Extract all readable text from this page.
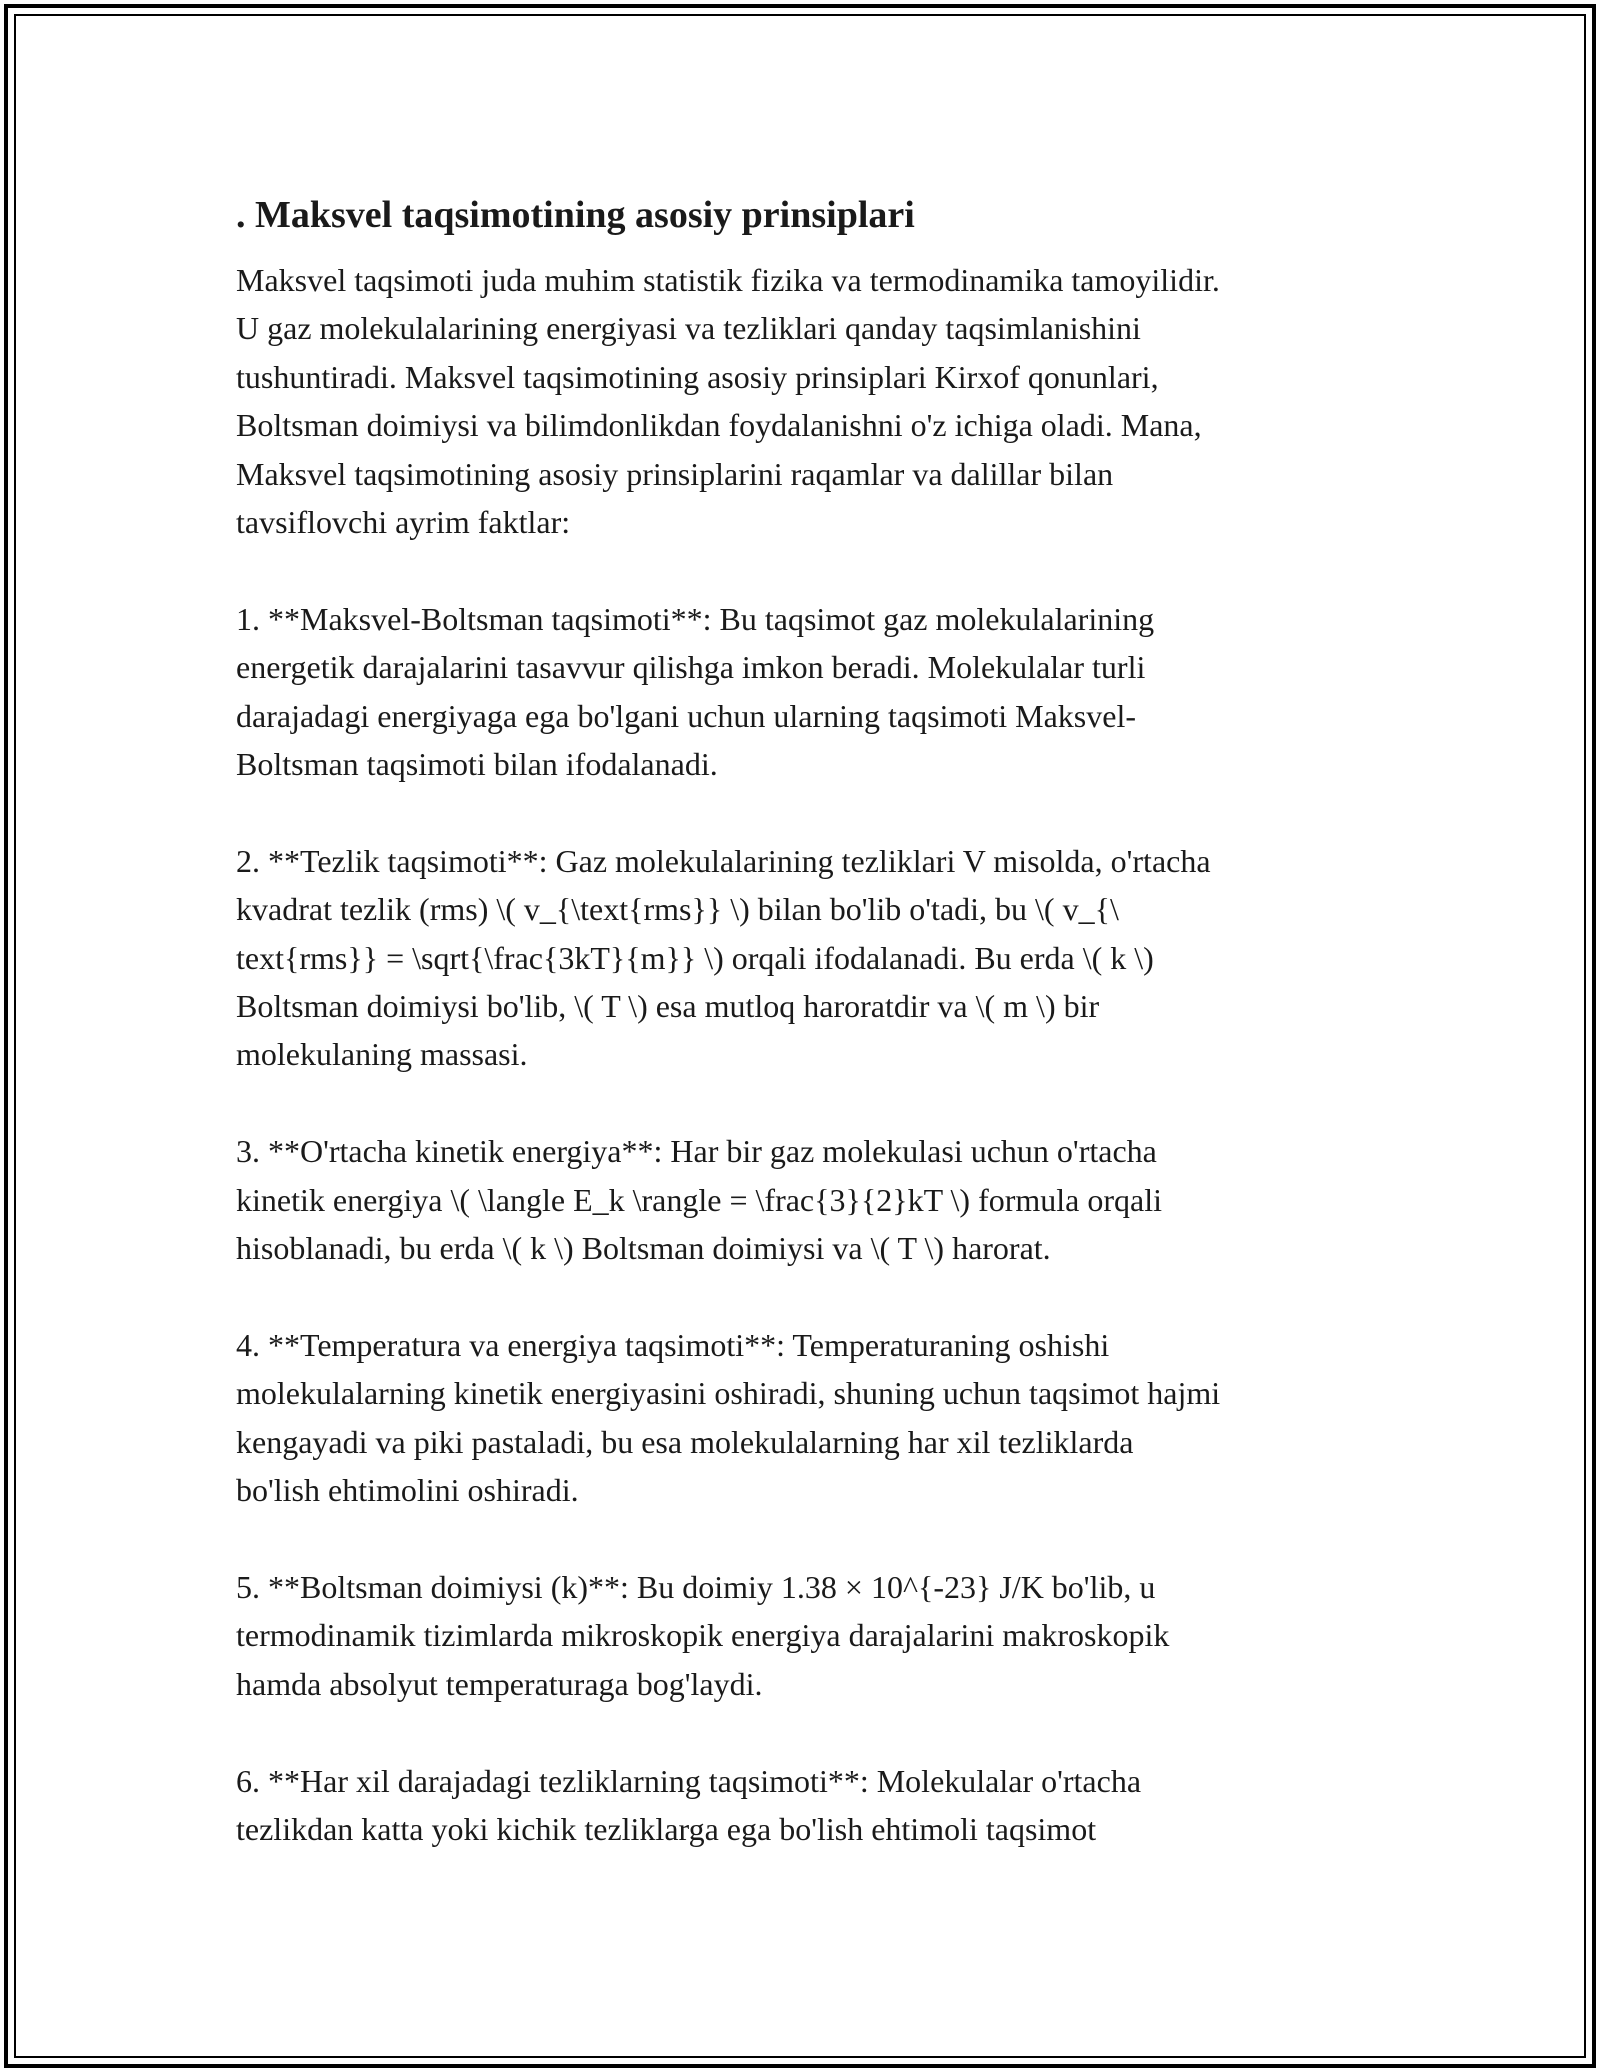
. Maksvel taqsimotining asosiy prinsiplari

Maksvel taqsimoti juda muhim statistik fizika va termodinamika tamoyilidir.
U gaz molekulalarining energiyasi va tezliklari qanday taqsimlanishini
tushuntiradi. Maksvel taqsimotining asosiy prinsiplari Kirxof qonunlari,
Boltsman doimiysi va bilimdonlikdan foydalanishni o'z ichiga oladi. Mana,
Maksvel taqsimotining asosiy prinsiplarini raqamlar va dalillar bilan
tavsiflovchi ayrim faktlar:

1. **Maksvel-Boltsman taqsimoti**: Bu taqsimot gaz molekulalarining
energetik darajalarini tasavvur qilishga imkon beradi. Molekulalar turli
darajadagi energiyaga ega bo'lgani uchun ularning taqsimoti Maksvel-
Boltsman taqsimoti bilan ifodalanadi.

2. **Tezlik taqsimoti**: Gaz molekulalarining tezliklari V misolda, o'rtacha
kvadrat tezlik (rms) \( v_{\text{rms}} \) bilan bo'lib o'tadi, bu \( v_{\
text{rms}} = \sqrt{\frac{3kT}{m}} \) orqali ifodalanadi. Bu erda \( k \)
Boltsman doimiysi bo'lib, \( T \) esa mutloq haroratdir va \( m \) bir
molekulaning massasi.

3. **O'rtacha kinetik energiya**: Har bir gaz molekulasi uchun o'rtacha
kinetik energiya \( \langle E_k \rangle = \frac{3}{2}kT \) formula orqali
hisoblanadi, bu erda \( k \) Boltsman doimiysi va \( T \) harorat.

4. **Temperatura va energiya taqsimoti**: Temperaturaning oshishi
molekulalarning kinetik energiyasini oshiradi, shuning uchun taqsimot hajmi
kengayadi va piki pastaladi, bu esa molekulalarning har xil tezliklarda
bo'lish ehtimolini oshiradi.

5. **Boltsman doimiysi (k)**: Bu doimiy 1.38 × 10^{-23} J/K bo'lib, u
termodinamik tizimlarda mikroskopik energiya darajalarini makroskopik
hamda absolyut temperaturaga bog'laydi.

6. **Har xil darajadagi tezliklarning taqsimoti**: Molekulalar o'rtacha
tezlikdan katta yoki kichik tezliklarga ega bo'lish ehtimoli taqsimot
